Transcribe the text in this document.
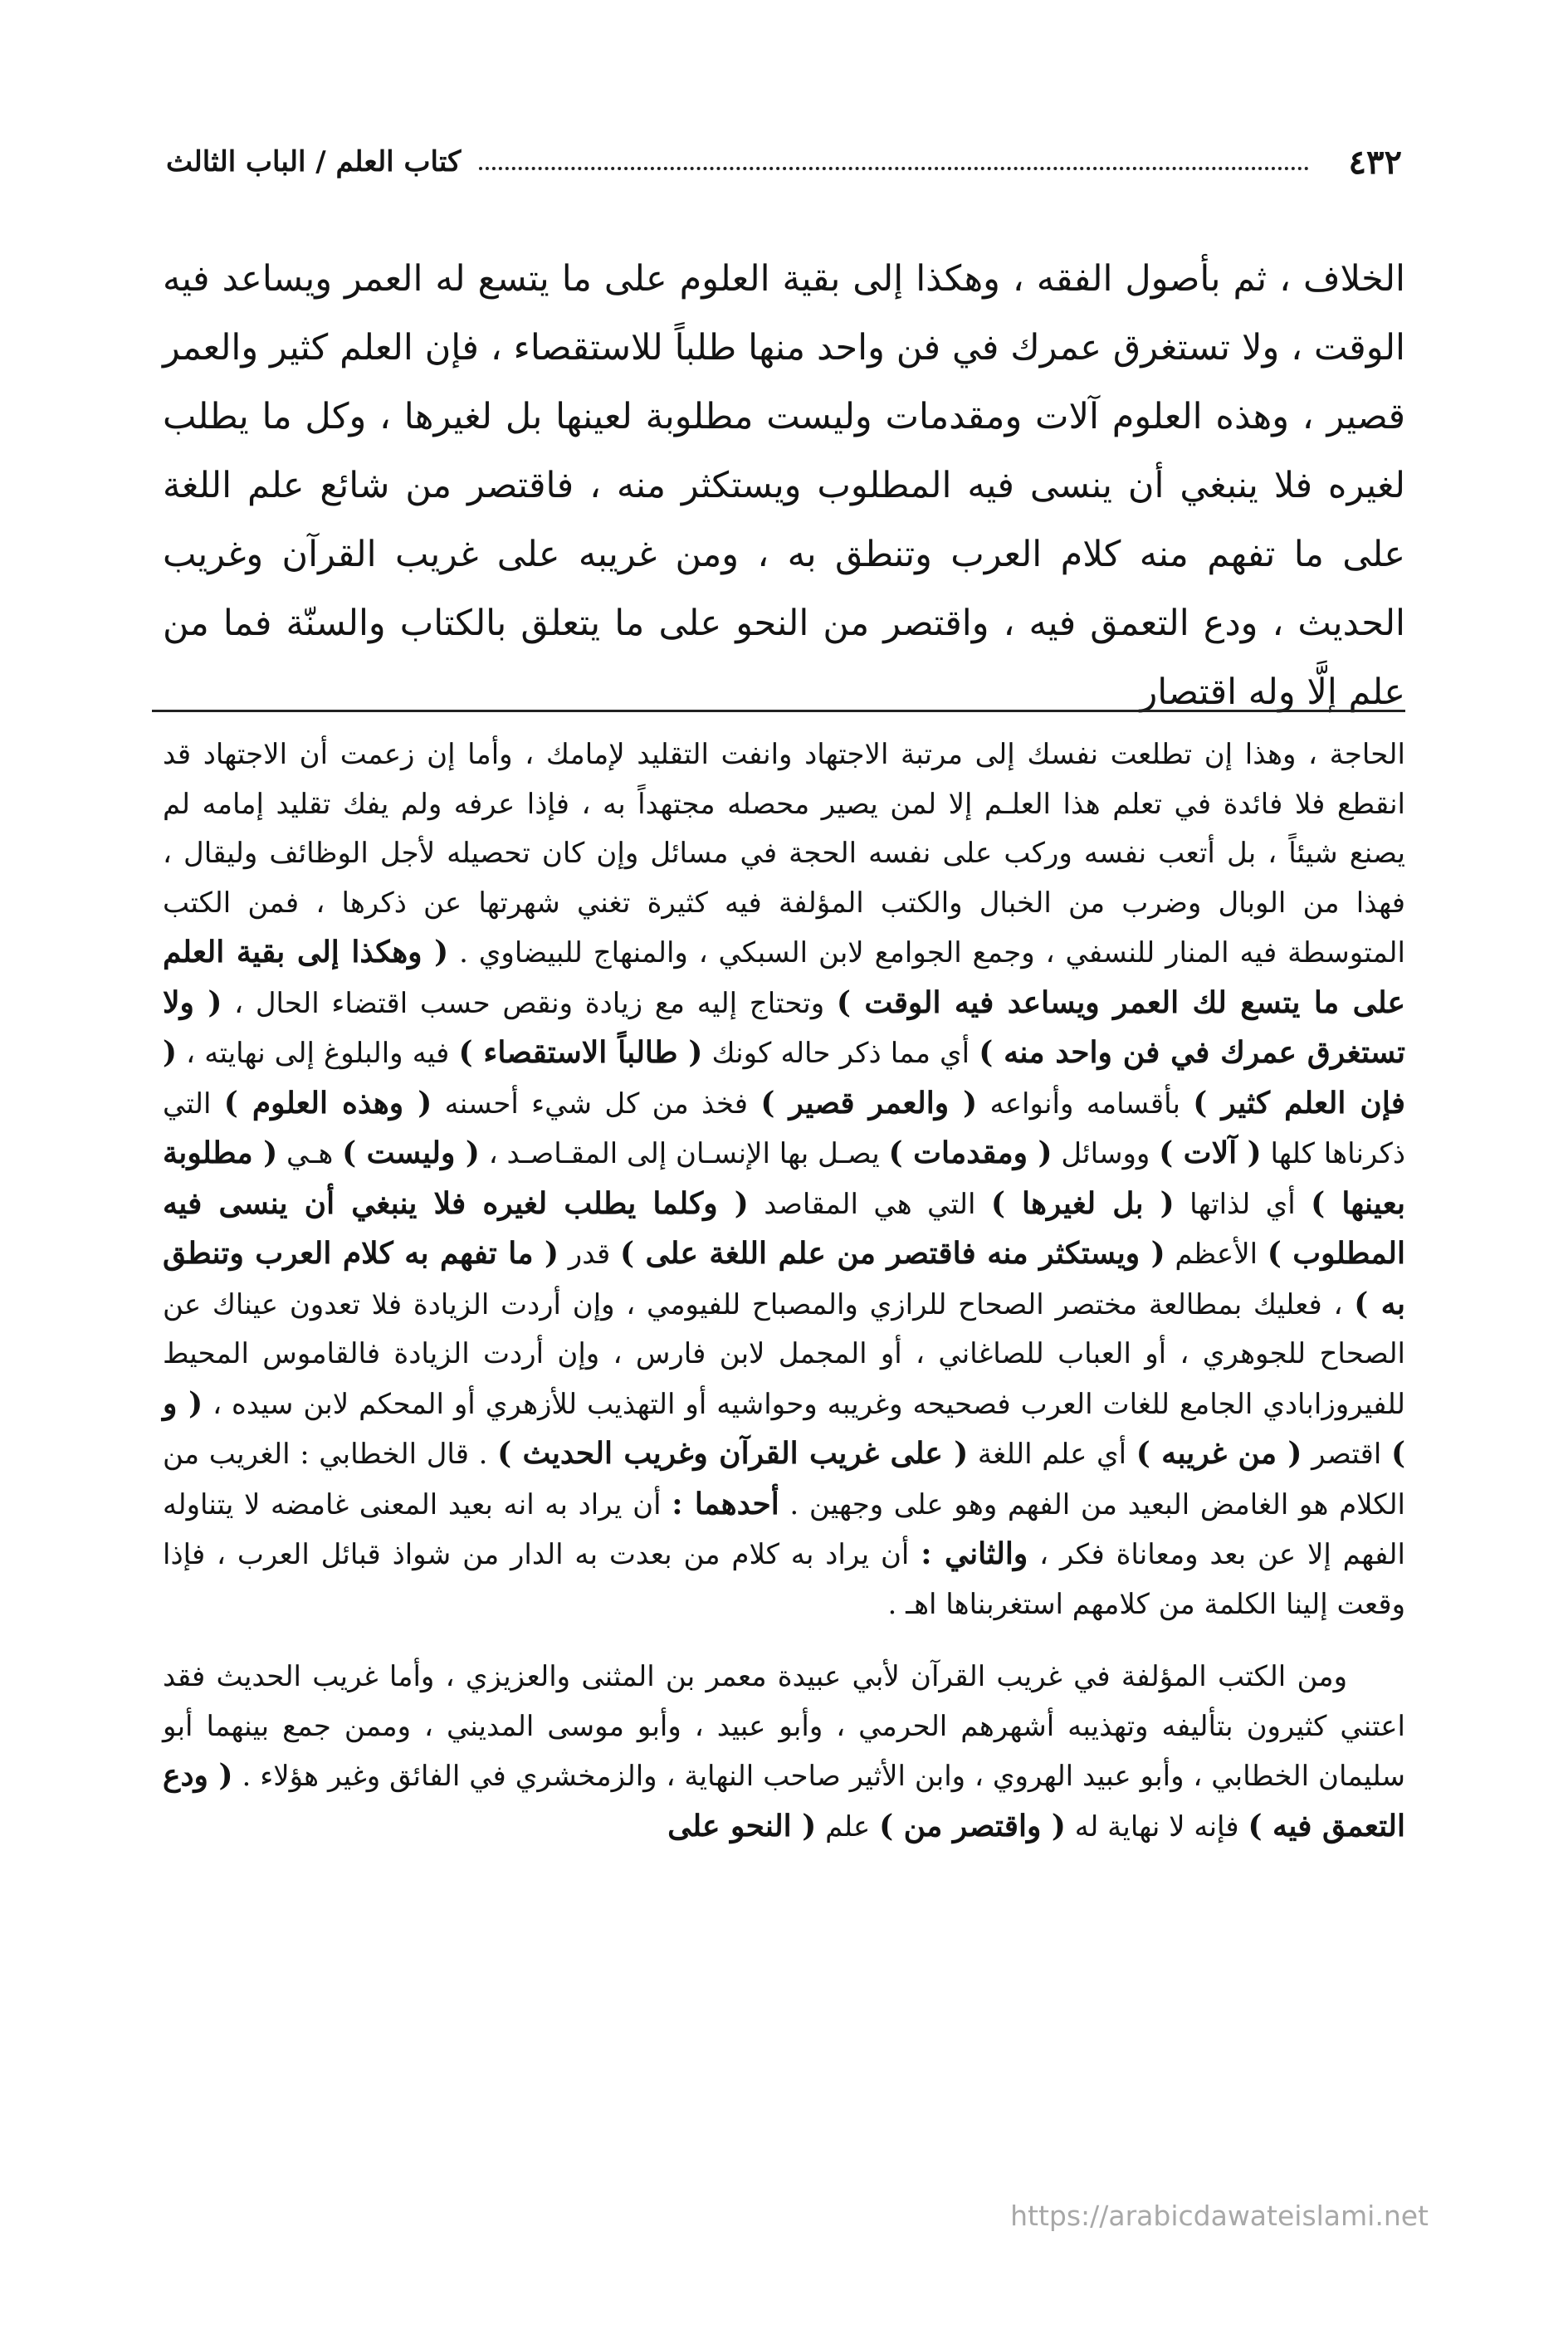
٤٣٢
كتاب العلم / الباب الثالث

الخلاف ، ثم بأصول الفقه ، وهكذا إلى بقية العلوم على ما يتسع له العمر ويساعد فيه الوقت ، ولا تستغرق عمرك في فن واحد منها طلباً للاستقصاء ، فإن العلم كثير والعمر قصير ، وهذه العلوم آلات ومقدمات وليست مطلوبة لعينها بل لغيرها ، وكل ما يطلب لغيره فلا ينبغي أن ينسى فيه المطلوب ويستكثر منه ، فاقتصر من شائع علم اللغة على ما تفهم منه كلام العرب وتنطق به ، ومن غريبه على غريب القرآن وغريب الحديث ، ودع التعمق فيه ، واقتصر من النحو على ما يتعلق بالكتاب والسنّة فما من علم إلَّا وله اقتصار

الحاجة ، وهذا إن تطلعت نفسك إلى مرتبة الاجتهاد وانفت التقليد لإمامك ، وأما إن زعمت أن الاجتهاد قد انقطع فلا فائدة في تعلم هذا العلـم إلا لمن يصير محصله مجتهداً به ، فإذا عرفه ولم يفك تقليد إمامه لم يصنع شيئاً ، بل أتعب نفسه وركب على نفسه الحجة في مسائل وإن كان تحصيله لأجل الوظائف وليقال ، فهذا من الوبال وضرب من الخبال والكتب المؤلفة فيه كثيرة تغني شهرتها عن ذكرها ، فمن الكتب المتوسطة فيه المنار للنسفي ، وجمع الجوامع لابن السبكي ، والمنهاج للبيضاوي . ( وهكذا إلى بقية العلم على ما يتسع لك العمر ويساعد فيه الوقت ) وتحتاج إليه مع زيادة ونقص حسب اقتضاء الحال ، ( ولا تستغرق عمرك في فن واحد منه ) أي مما ذكر حاله كونك ( طالباً الاستقصاء ) فيه والبلوغ إلى نهايته ، ( فإن العلم كثير ) بأقسامه وأنواعه ( والعمر قصير ) فخذ من كل شيء أحسنه ( وهذه العلوم ) التي ذكرناها كلها ( آلات ) ووسائل ( ومقدمات ) يصـل بها الإنسـان إلى المقـاصـد ، ( وليست ) هـي ( مطلوبة بعينها ) أي لذاتها ( بل لغيرها ) التي هي المقاصد ( وكلما يطلب لغيره فلا ينبغي أن ينسى فيه المطلوب ) الأعظم ( ويستكثر منه فاقتصر من علم اللغة على ) قدر ( ما تفهم به كلام العرب وتنطق به ) ، فعليك بمطالعة مختصر الصحاح للرازي والمصباح للفيومي ، وإن أردت الزيادة فلا تعدون عيناك عن الصحاح للجوهري ، أو العباب للصاغاني ، أو المجمل لابن فارس ، وإن أردت الزيادة فالقاموس المحيط للفيروزابادي الجامع للغات العرب فصحيحه وغريبه وحواشيه أو التهذيب للأزهري أو المحكم لابن سيده ، ( و ) اقتصر ( من غريبه ) أي علم اللغة ( على غريب القرآن وغريب الحديث ) . قال الخطابي : الغريب من الكلام هو الغامض البعيد من الفهم وهو على وجهين . أحدهما : أن يراد به انه بعيد المعنى غامضه لا يتناوله الفهم إلا عن بعد ومعاناة فكر ، والثاني : أن يراد به كلام من بعدت به الدار من شواذ قبائل العرب ، فإذا وقعت إلينا الكلمة من كلامهم استغربناها اهـ .

ومن الكتب المؤلفة في غريب القرآن لأبي عبيدة معمر بن المثنى والعزيزي ، وأما غريب الحديث فقد اعتني كثيرون بتأليفه وتهذيبه أشهرهم الحرمي ، وأبو عبيد ، وأبو موسى المديني ، وممن جمع بينهما أبو سليمان الخطابي ، وأبو عبيد الهروي ، وابن الأثير صاحب النهاية ، والزمخشري في الفائق وغير هؤلاء . ( ودع التعمق فيه ) فإنه لا نهاية له ( واقتصر من ) علم ( النحو على

https://arabicdawateislami.net
